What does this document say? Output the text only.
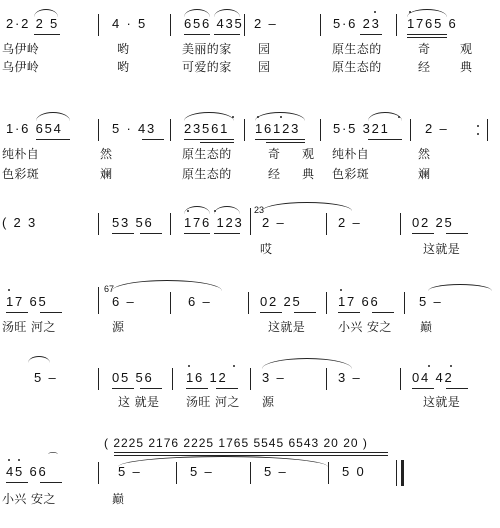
2·2 2 5	4 · 5	656 435 2 –	5·6 23 1765 6
乌伊岭	哟	美丽的家 园	原生态的	奇 观
乌伊岭	哟	可爱的家 园	原生态的	经 典
1·6 654	5 · 43 23561 16123	5·5 321	2 –
纯朴自	然	原生态的	奇 观 纯朴自	然
色彩斑	斓	原生态的	经 典 色彩斑	斓
( 2 3	53 56 176 123
23
2 –	2 –	02 25
哎	这就是
17 65
67
6 –	6 –	02 25	17 66	5 –
汤旺 河之	源	这就是	小兴 安之 巅
5 –	05 56 16 12	3 –	3 –	04 42
这 就是 汤旺 河之 源	这就是
( 2225 2176 2225 1765 5545 6543 20 20 )
45 66	5 –	5 –	5 –	5 0
⌒
小兴 安之	巅
